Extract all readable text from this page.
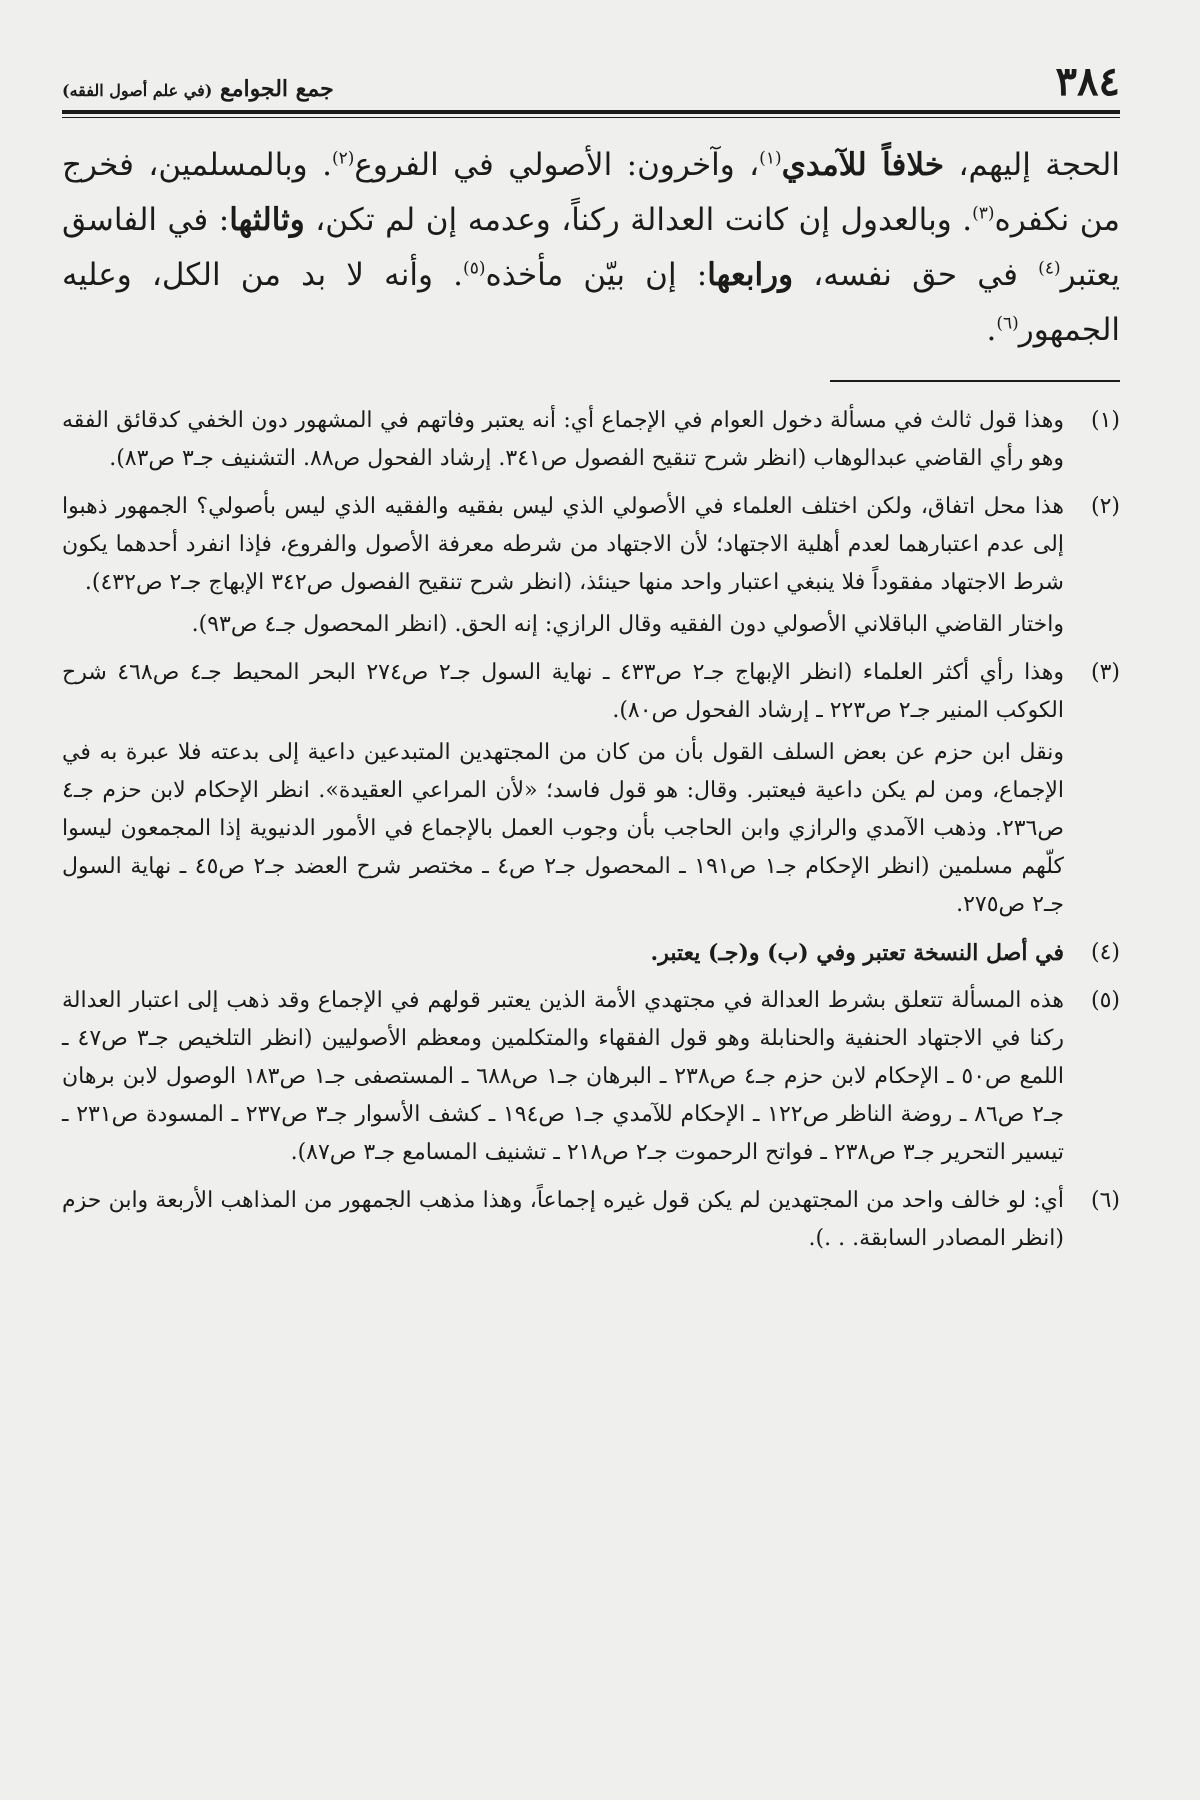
٣٨٤
جمع الجوامع (في علم أصول الفقه)
الحجة إليهم، خلافاً للآمدي$^{(١)}$، وآخرون: الأصولي في الفروع$^{(٢)}$. وبالمسلمين، فخرج من نكفره$^{(٣)}$. وبالعدول إن كانت العدالة ركناً، وعدمه إن لم تكن، وثالثها: في الفاسق يعتبر$^{(٤)}$ في حق نفسه، ورابعها: إن بيّن مأخذه$^{(٥)}$. وأنه لا بد من الكل، وعليه الجمهور$^{(٦)}$.
(١)

وهذا قول ثالث في مسألة دخول العوام في الإجماع أي: أنه يعتبر وفاتهم في المشهور دون الخفي كدقائق الفقه وهو رأي القاضي عبدالوهاب (انظر شرح تنقيح الفصول ص٣٤١. إرشاد الفحول ص٨٨. التشنيف جـ٣ ص٨٣).

(٢)

هذا محل اتفاق، ولكن اختلف العلماء في الأصولي الذي ليس بفقيه والفقيه الذي ليس بأصولي؟ الجمهور ذهبوا إلى عدم اعتبارهما لعدم أهلية الاجتهاد؛ لأن الاجتهاد من شرطه معرفة الأصول والفروع، فإذا انفرد أحدهما يكون شرط الاجتهاد مفقوداً فلا ينبغي اعتبار واحد منها حينئذ، (انظر شرح تنقيح الفصول ص٣٤٢ الإبهاج جـ٢ ص٤٣٢).

واختار القاضي الباقلاني الأصولي دون الفقيه وقال الرازي: إنه الحق. (انظر المحصول جـ٤ ص٩٣).

(٣)

وهذا رأي أكثر العلماء (انظر الإبهاج جـ٢ ص٤٣٣ ـ نهاية السول جـ٢ ص٢٧٤ البحر المحيط جـ٤ ص٤٦٨ شرح الكوكب المنير جـ٢ ص٢٢٣ ـ إرشاد الفحول ص٨٠).

ونقل ابن حزم عن بعض السلف القول بأن من كان من المجتهدين المتبدعين داعية إلى بدعته فلا عبرة به في الإجماع، ومن لم يكن داعية فيعتبر. وقال: هو قول فاسد؛ «لأن المراعي العقيدة». انظر الإحكام لابن حزم جـ٤ ص٢٣٦. وذهب الآمدي والرازي وابن الحاجب بأن وجوب العمل بالإجماع في الأمور الدنيوية إذا المجمعون ليسوا كلّهم مسلمين (انظر الإحكام جـ١ ص١٩١ ـ المحصول جـ٢ ص٤ ـ مختصر شرح العضد جـ٢ ص٤٥ ـ نهاية السول جـ٢ ص٢٧٥.

(٤)

في أصل النسخة تعتبر وفي (ب) و(جـ) يعتبر.

(٥)

هذه المسألة تتعلق بشرط العدالة في مجتهدي الأمة الذين يعتبر قولهم في الإجماع وقد ذهب إلى اعتبار العدالة ركنا في الاجتهاد الحنفية والحنابلة وهو قول الفقهاء والمتكلمين ومعظم الأصوليين (انظر التلخيص جـ٣ ص٤٧ ـ اللمع ص٥٠ ـ الإحكام لابن حزم جـ٤ ص٢٣٨ ـ البرهان جـ١ ص٦٨٨ ـ المستصفى جـ١ ص١٨٣ الوصول لابن برهان جـ٢ ص٨٦ ـ روضة الناظر ص١٢٢ ـ الإحكام للآمدي جـ١ ص١٩٤ ـ كشف الأسوار جـ٣ ص٢٣٧ ـ المسودة ص٢٣١ ـ تيسير التحرير جـ٣ ص٢٣٨ ـ فواتح الرحموت جـ٢ ص٢١٨ ـ تشنيف المسامع جـ٣ ص٨٧).

(٦)

أي: لو خالف واحد من المجتهدين لم يكن قول غيره إجماعاً، وهذا مذهب الجمهور من المذاهب الأربعة وابن حزم (انظر المصادر السابقة. . .).
